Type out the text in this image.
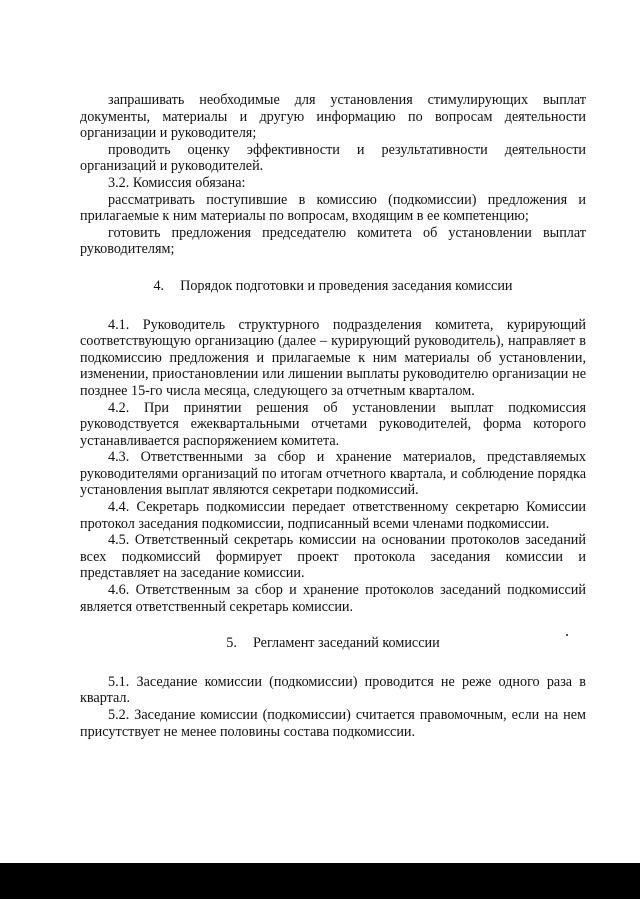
запрашивать необходимые для установления стимулирующих выплат документы, материалы и другую информацию по вопросам деятельности организации и руководителя;

проводить оценку эффективности и результативности деятельности организаций и руководителей.

3.2. Комиссия обязана:

рассматривать поступившие в комиссию (подкомиссии) предложения и прилагаемые к ним материалы по вопросам, входящим в ее компетенцию;

готовить предложения председателю комитета об установлении выплат руководителям;

4. Порядок подготовки и проведения заседания комиссии

4.1. Руководитель структурного подразделения комитета, курирующий соответствующую организацию (далее – курирующий руководитель), направляет в подкомиссию предложения и прилагаемые к ним материалы об установлении, изменении, приостановлении или лишении выплаты руководителю организации не позднее 15-го числа месяца, следующего за отчетным кварталом.

4.2. При принятии решения об установлении выплат подкомиссия руководствуется ежеквартальными отчетами руководителей, форма которого устанавливается распоряжением комитета.

4.3. Ответственными за сбор и хранение материалов, представляемых руководителями организаций по итогам отчетного квартала, и соблюдение порядка установления выплат являются секретари подкомиссий.

4.4. Секретарь подкомиссии передает ответственному секретарю Комиссии протокол заседания подкомиссии, подписанный всеми членами подкомиссии.

4.5. Ответственный секретарь комиссии на основании протоколов заседаний всех подкомиссий формирует проект протокола заседания комиссии и представляет на заседание комиссии.

4.6. Ответственным за сбор и хранение протоколов заседаний подкомиссий является ответственный секретарь комиссии.

5. Регламент заседаний комиссии

5.1. Заседание комиссии (подкомиссии) проводится не реже одного раза в квартал.

5.2. Заседание комиссии (подкомиссии) считается правомочным, если на нем присутствует не менее половины состава подкомиссии.
